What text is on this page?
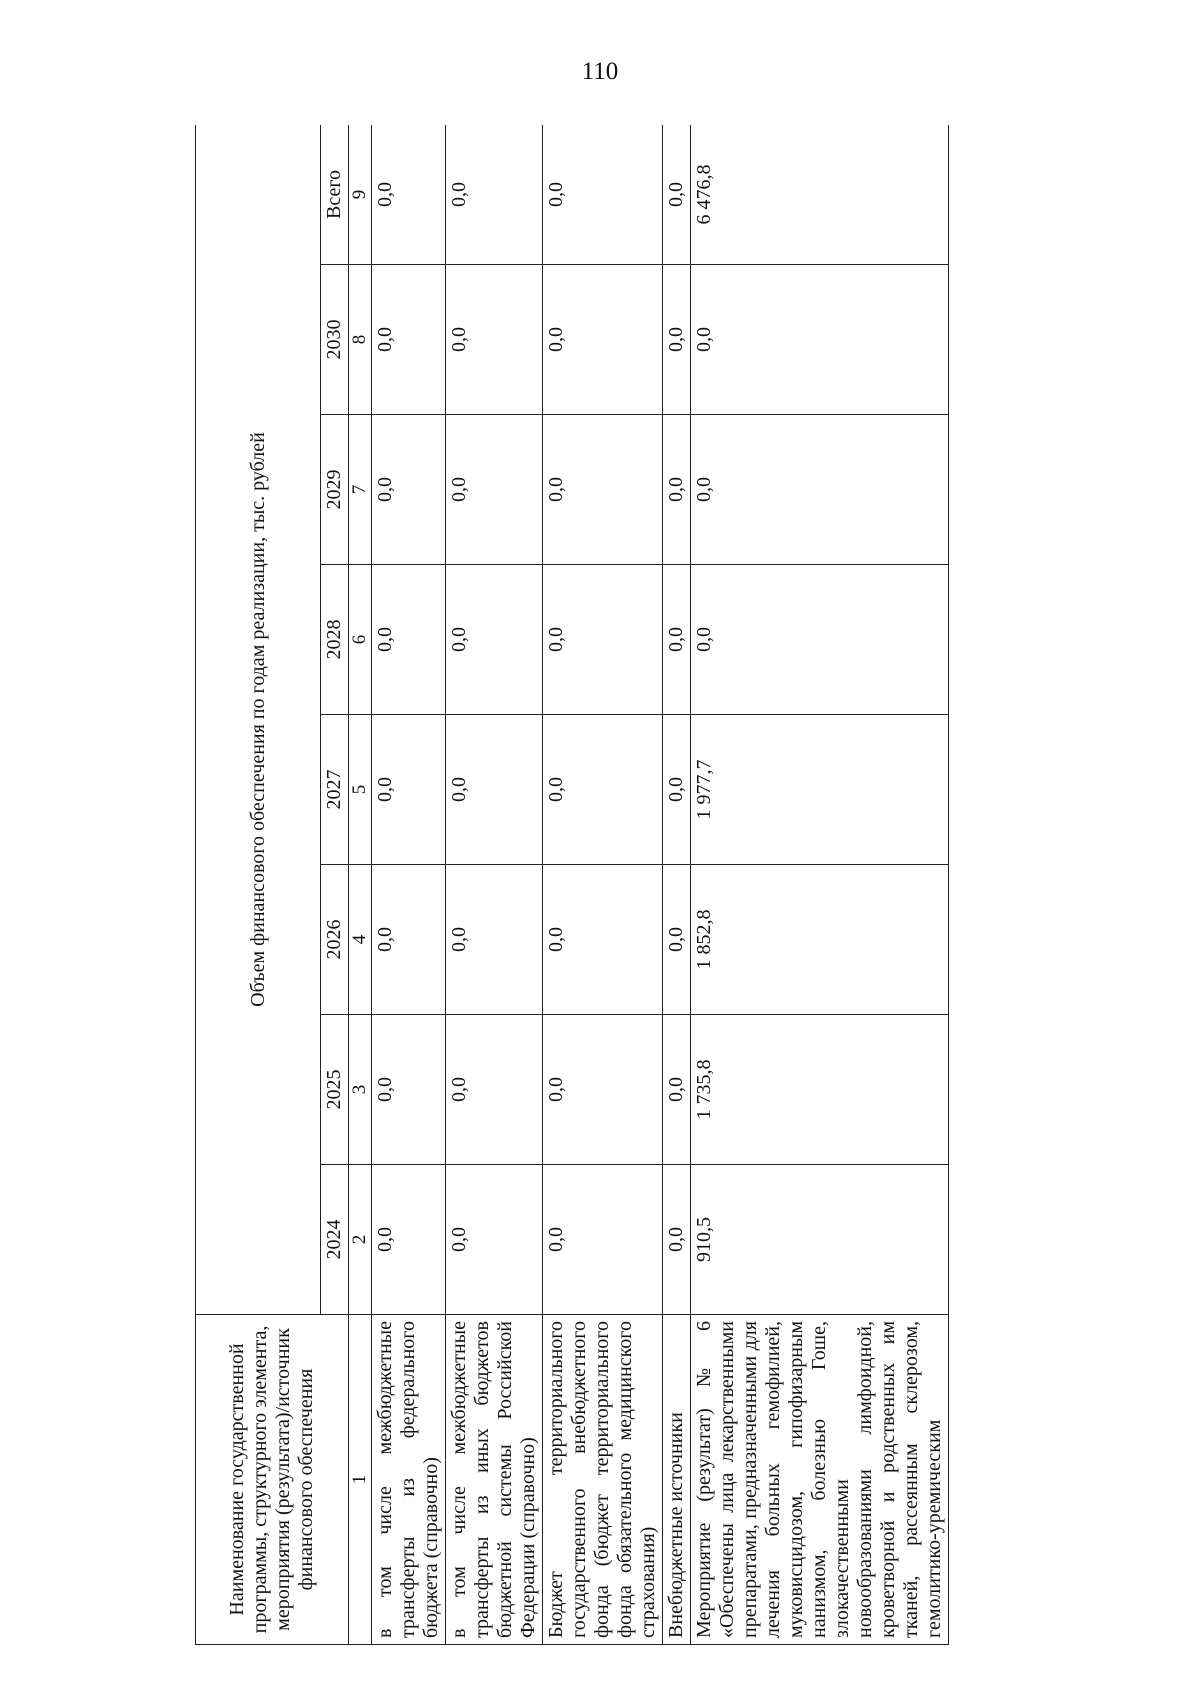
110
Наименование государственной программы, структурного элемента, мероприятия (результата)/источник финансового обеспечения	Объем финансового обеспечения по годам реализации, тыс. рублей							
	2024	2025	2026	2027	2028	2029	2030	Всего
1	2	3	4	5	6	7	8	9
в том числе межбюджетные трансферты из федерального бюджета (справочно)	0,0	0,0	0,0	0,0	0,0	0,0	0,0	0,0
в том числе межбюджетные трансферты из иных бюджетов бюджетной системы Российской Федерации (справочно)	0,0	0,0	0,0	0,0	0,0	0,0	0,0	0,0
Бюджет территориального государственного внебюджетного фонда (бюджет территориального фонда обязательного медицинского страхования)	0,0	0,0	0,0	0,0	0,0	0,0	0,0	0,0
Внебюджетные источники	0,0	0,0	0,0	0,0	0,0	0,0	0,0	0,0
Мероприятие (результат) № 6 «Обеспечены лица лекарственными препаратами, предназначенными для лечения больных гемофилией, муковисцидозом, гипофизарным нанизмом, болезнью Гоше, злокачественными новообразованиями лимфоидной, кроветворной и родственных им тканей, рассеянным склерозом, гемолитико-уремическим	910,5	1 735,8	1 852,8	1 977,7	0,0	0,0	0,0	6 476,8
